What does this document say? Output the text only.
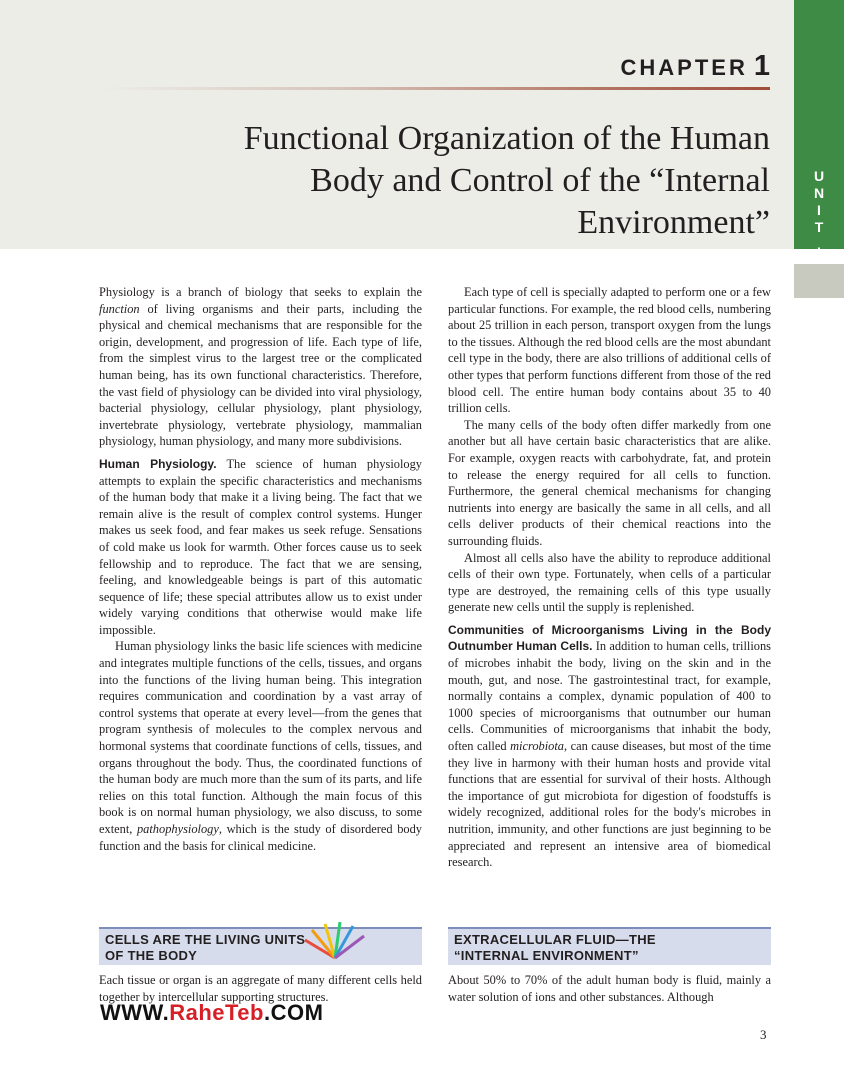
CHAPTER 1
Functional Organization of the Human
Body and Control of the “Internal
Environment”
U
N
I
T
I

Physiology is a branch of biology that seeks to explain the function of living organisms and their parts, including the physical and chemical mechanisms that are responsible for the origin, development, and progression of life. Each type of life, from the simplest virus to the largest tree or the complicated human being, has its own functional characteristics. Therefore, the vast field of physiology can be divided into viral physiology, bacterial physiology, cellular physiology, plant physiology, invertebrate physiology, vertebrate physiology, mammalian physiology, human physiology, and many more subdivisions.

Human Physiology. The science of human physiology attempts to explain the specific characteristics and mechanisms of the human body that make it a living being. The fact that we remain alive is the result of complex control systems. Hunger makes us seek food, and fear makes us seek refuge. Sensations of cold make us look for warmth. Other forces cause us to seek fellowship and to reproduce. The fact that we are sensing, feeling, and knowledgeable beings is part of this automatic sequence of life; these special attributes allow us to exist under widely varying conditions that otherwise would make life impossible.

Human physiology links the basic life sciences with medicine and integrates multiple functions of the cells, tissues, and organs into the functions of the living human being. This integration requires communication and coordination by a vast array of control systems that operate at every level—from the genes that program synthesis of molecules to the complex nervous and hormonal systems that coordinate functions of cells, tissues, and organs throughout the body. Thus, the coordinated functions of the human body are much more than the sum of its parts, and life relies on this total function. Although the main focus of this book is on normal human physiology, we also discuss, to some extent, pathophysiology, which is the study of disordered body function and the basis for clinical medicine.

Each type of cell is specially adapted to perform one or a few particular functions. For example, the red blood cells, numbering about 25 trillion in each person, transport oxygen from the lungs to the tissues. Although the red blood cells are the most abundant cell type in the body, there are also trillions of additional cells of other types that perform functions different from those of the red blood cell. The entire human body contains about 35 to 40 trillion cells.

The many cells of the body often differ markedly from one another but all have certain basic characteristics that are alike. For example, oxygen reacts with carbohydrate, fat, and protein to release the energy required for all cells to function. Furthermore, the general chemical mechanisms for changing nutrients into energy are basically the same in all cells, and all cells deliver products of their chemical reactions into the surrounding fluids.

Almost all cells also have the ability to reproduce additional cells of their own type. Fortunately, when cells of a particular type are destroyed, the remaining cells of this type usually generate new cells until the supply is replenished.

Communities of Microorganisms Living in the Body Outnumber Human Cells. In addition to human cells, trillions of microbes inhabit the body, living on the skin and in the mouth, gut, and nose. The gastrointestinal tract, for example, normally contains a complex, dynamic population of 400 to 1000 species of microorganisms that outnumber our human cells. Communities of microorganisms that inhabit the body, often called microbiota, can cause diseases, but most of the time they live in harmony with their human hosts and provide vital functions that are essential for survival of their hosts. Although the importance of gut microbiota for digestion of foodstuffs is widely recognized, additional roles for the body's microbes in nutrition, immunity, and other functions are just beginning to be appreciated and represent an intensive area of biomedical research.

CELLS ARE THE LIVING UNITS
OF THE BODY
Each tissue or organ is an aggregate of many different cells held together by intercellular supporting structures.
EXTRACELLULAR FLUID—THE
“INTERNAL ENVIRONMENT”
About 50% to 70% of the adult human body is fluid, mainly a water solution of ions and other substances. Although
WWW.RaheTeb.COM
3
